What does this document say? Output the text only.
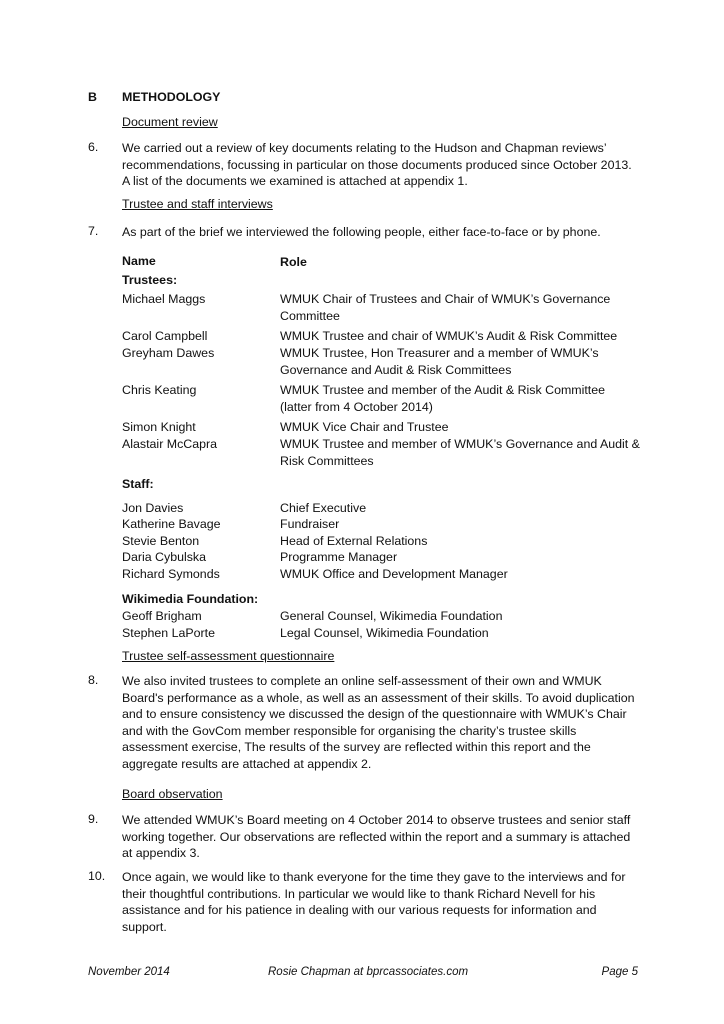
B METHODOLOGY
Document review
6. We carried out a review of key documents relating to the Hudson and Chapman reviews’ recommendations, focussing in particular on those documents produced since October 2013. A list of the documents we examined is attached at appendix 1.
Trustee and staff interviews
7. As part of the brief we interviewed the following people, either face-to-face or by phone.
Name	Role
Trustees:
Michael Maggs	WMUK Chair of Trustees and Chair of WMUK’s Governance Committee
Carol Campbell	WMUK Trustee and chair of WMUK’s Audit & Risk Committee
Greyham Dawes	WMUK Trustee, Hon Treasurer and a member of WMUK’s Governance and Audit & Risk Committees
Chris Keating	WMUK Trustee and member of the Audit & Risk Committee (latter from 4 October 2014)
Simon Knight	WMUK Vice Chair and Trustee
Alastair McCapra	WMUK Trustee and member of WMUK’s Governance and Audit & Risk Committees
Staff:
Jon Davies	Chief Executive
Katherine Bavage	Fundraiser
Stevie Benton	Head of External Relations
Daria Cybulska	Programme Manager
Richard Symonds	WMUK Office and Development Manager
Wikimedia Foundation:
Geoff Brigham	General Counsel, Wikimedia Foundation
Stephen LaPorte	Legal Counsel, Wikimedia Foundation
Trustee self-assessment questionnaire
8. We also invited trustees to complete an online self-assessment of their own and WMUK Board's performance as a whole, as well as an assessment of their skills. To avoid duplication and to ensure consistency we discussed the design of the questionnaire with WMUK’s Chair and with the GovCom member responsible for organising the charity’s trustee skills assessment exercise, The results of the survey are reflected within this report and the aggregate results are attached at appendix 2.
Board observation
9. We attended WMUK’s Board meeting on 4 October 2014 to observe trustees and senior staff working together. Our observations are reflected within the report and a summary is attached at appendix 3.
10. Once again, we would like to thank everyone for the time they gave to the interviews and for their thoughtful contributions. In particular we would like to thank Richard Nevell for his assistance and for his patience in dealing with our various requests for information and support.
November 2014	Rosie Chapman at bprcassociates.com	Page 5
